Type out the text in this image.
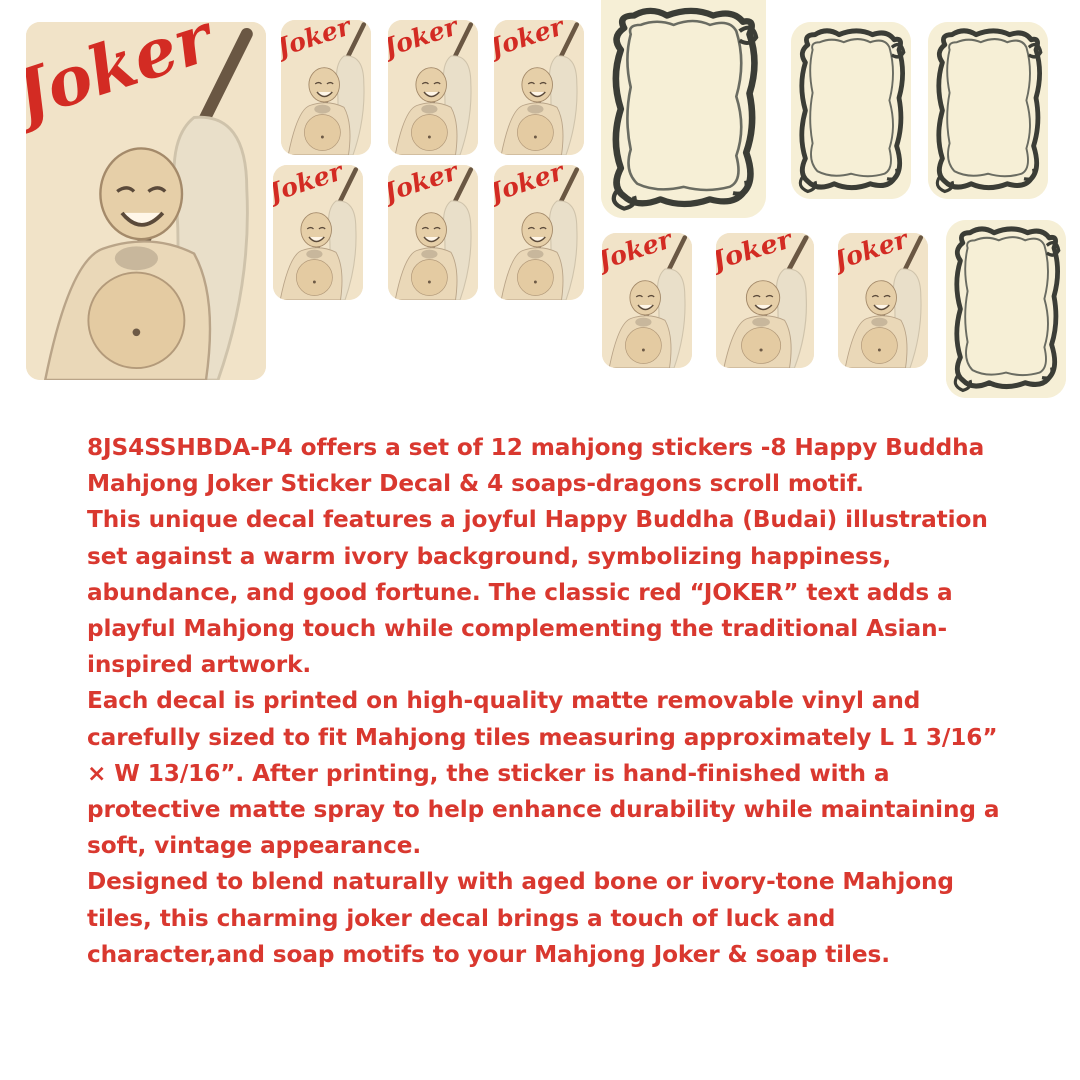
8JS4SSHBDA-P4 offers a set of 12 mahjong stickers -8 Happy Buddha Mahjong Joker Sticker Decal & 4 soaps-dragons scroll motif.

This unique decal features a joyful Happy Buddha (Budai) illustration set against a warm ivory background, symbolizing happiness, abundance, and good fortune. The classic red “JOKER” text adds a playful Mahjong touch while complementing the traditional Asian-inspired artwork.

Each decal is printed on high-quality matte removable vinyl and carefully sized to fit Mahjong tiles measuring approximately L 1 3/16” × W 13/16”. After printing, the sticker is hand-finished with a protective matte spray to help enhance durability while maintaining a soft, vintage appearance.

Designed to blend naturally with aged bone or ivory-tone Mahjong tiles, this charming joker decal brings a touch of luck and character,and soap motifs to your Mahjong Joker & soap tiles.
